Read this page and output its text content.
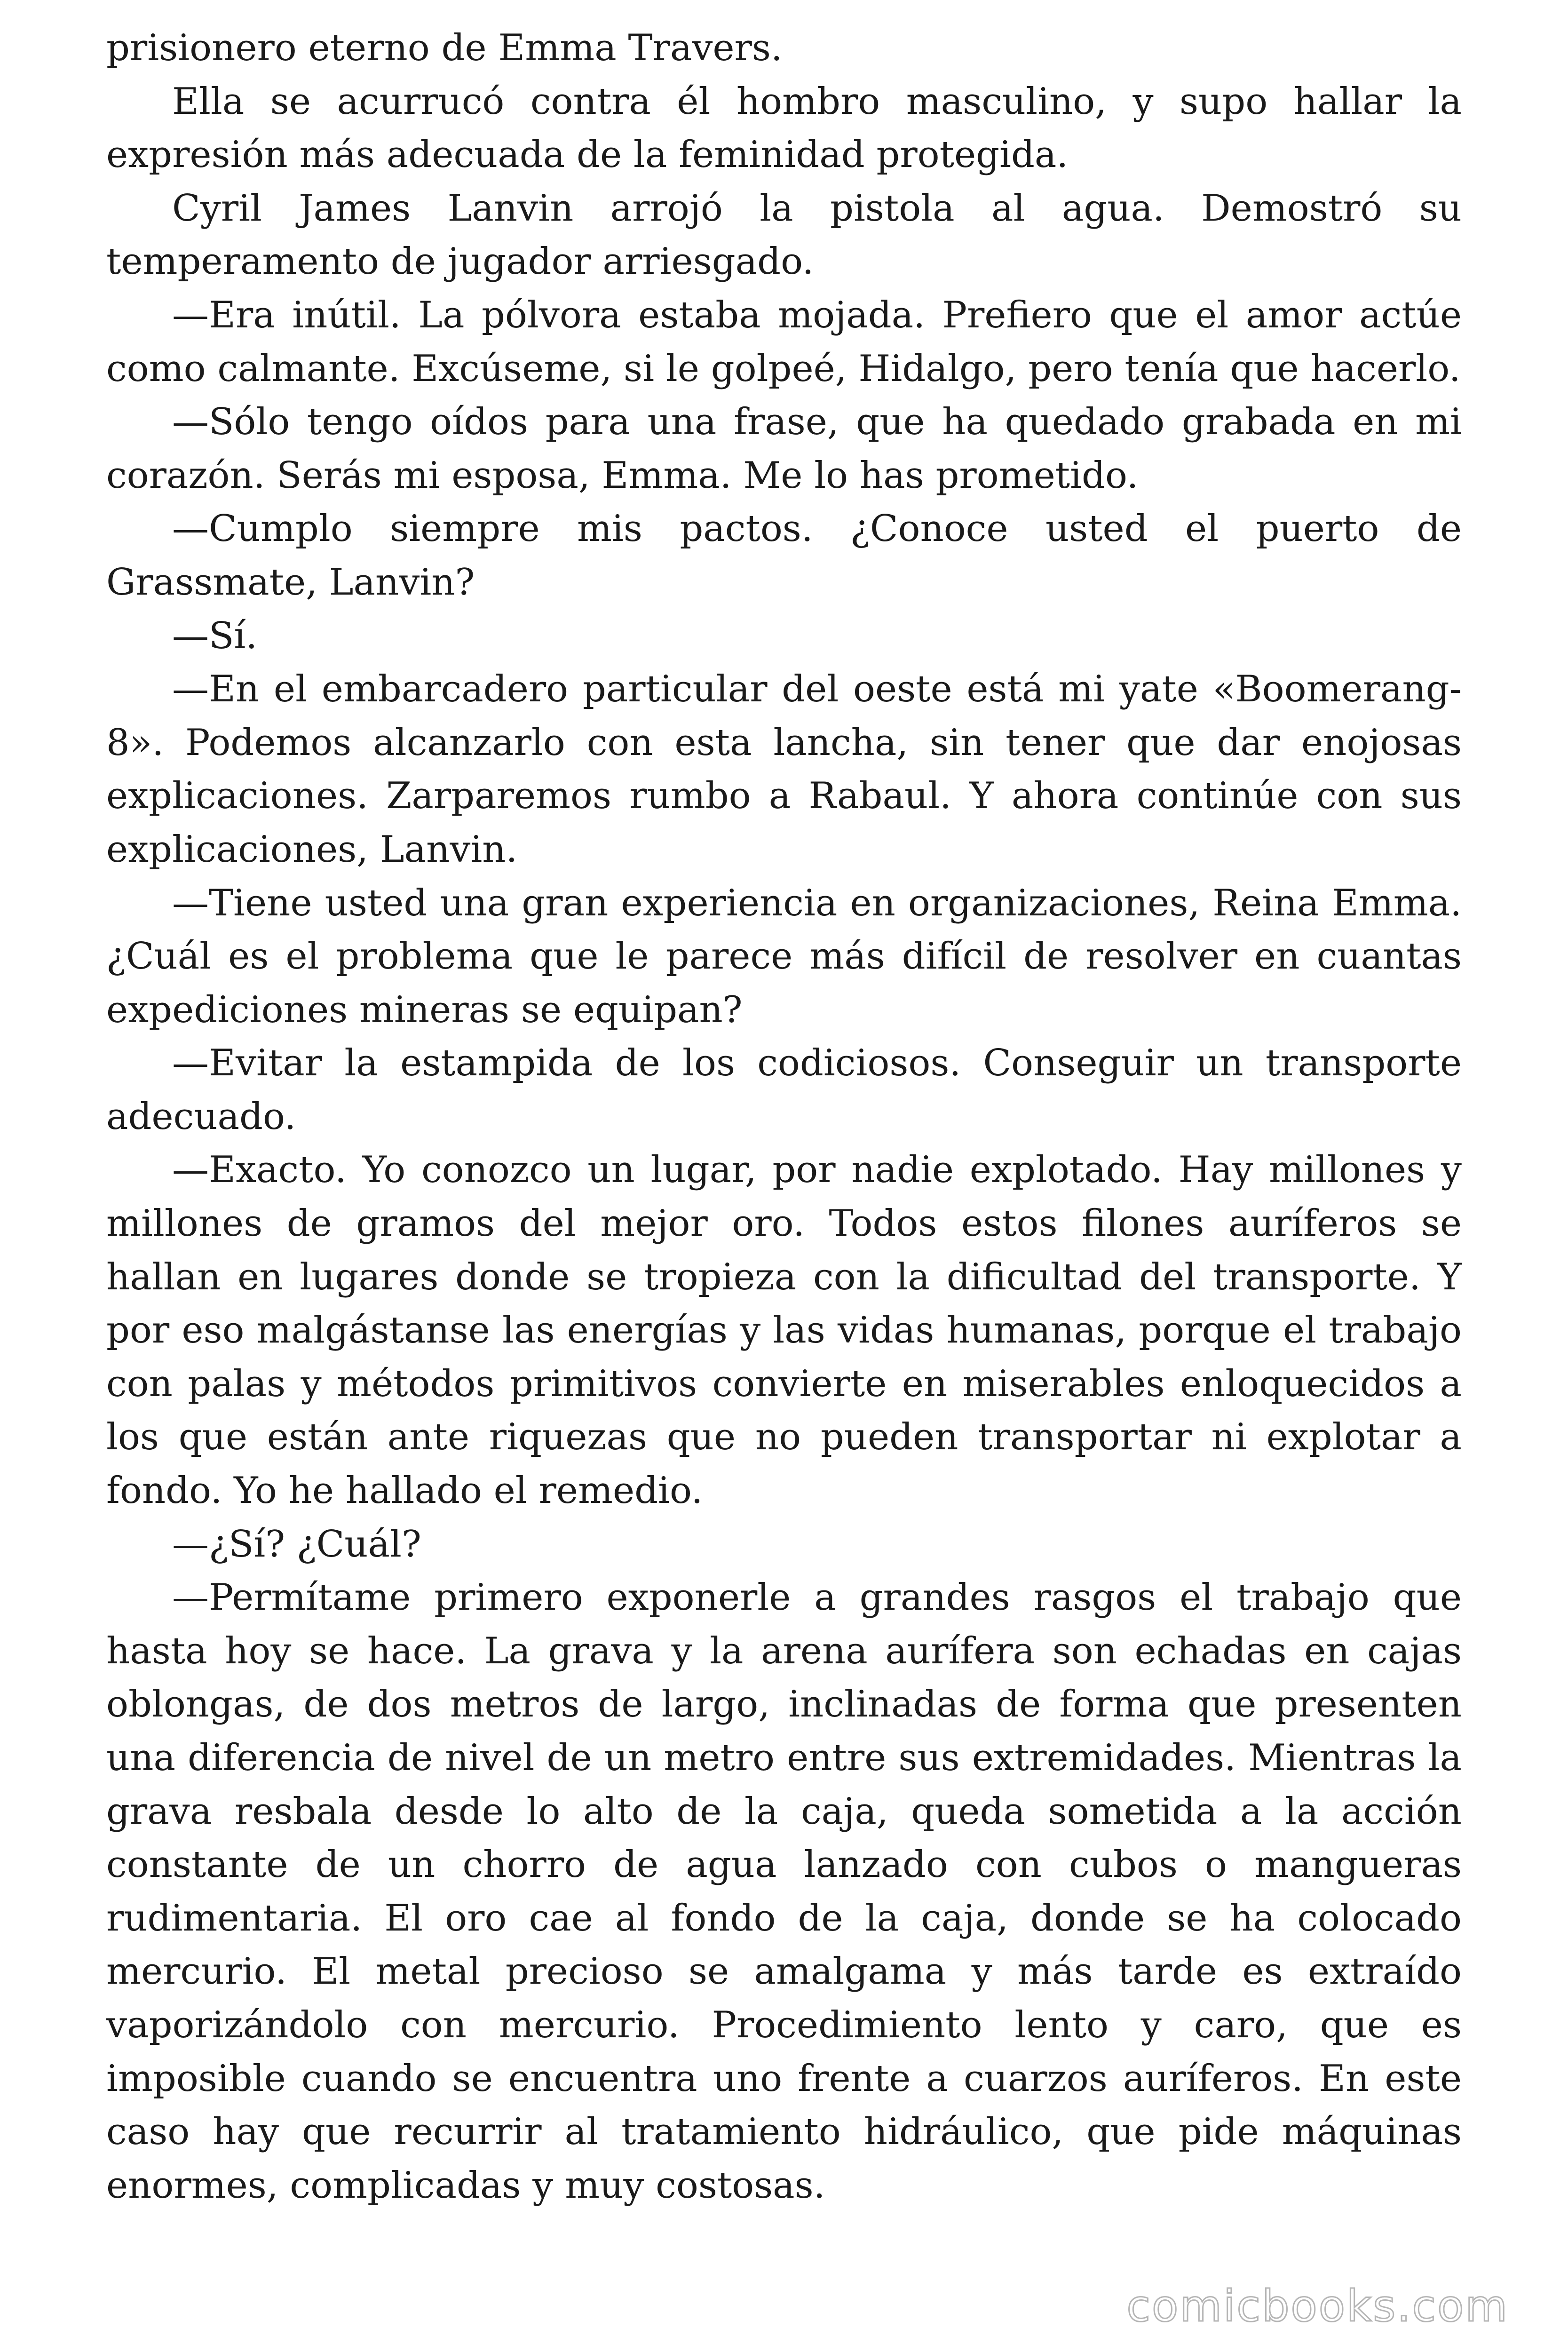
prisionero eterno de Emma Travers.

Ella se acurrucó contra él hombro masculino, y supo hallar la expresión más adecuada de la feminidad protegida.

Cyril James Lanvin arrojó la pistola al agua. Demostró su temperamento de jugador arriesgado.

—Era inútil. La pólvora estaba mojada. Prefiero que el amor actúe como calmante. Excúseme, si le golpeé, Hidalgo, pero tenía que hacerlo.

—Sólo tengo oídos para una frase, que ha quedado grabada en mi corazón. Serás mi esposa, Emma. Me lo has prometido.

—Cumplo siempre mis pactos. ¿Conoce usted el puerto de Grassmate, Lanvin?

—Sí.

—En el embarcadero particular del oeste está mi yate «Boomerang-8». Podemos alcanzarlo con esta lancha, sin tener que dar enojosas explicaciones. Zarparemos rumbo a Rabaul. Y ahora continúe con sus explicaciones, Lanvin.

—Tiene usted una gran experiencia en organizaciones, Reina Emma. ¿Cuál es el problema que le parece más difícil de resolver en cuantas expediciones mineras se equipan?

—Evitar la estampida de los codiciosos. Conseguir un transporte adecuado.

—Exacto. Yo conozco un lugar, por nadie explotado. Hay millones y millones de gramos del mejor oro. Todos estos filones auríferos se hallan en lugares donde se tropieza con la dificultad del transporte. Y por eso malgástanse las energías y las vidas humanas, porque el trabajo con palas y métodos primitivos convierte en miserables enloquecidos a los que están ante riquezas que no pueden transportar ni explotar a fondo. Yo he hallado el remedio.

—¿Sí? ¿Cuál?

—Permítame primero exponerle a grandes rasgos el trabajo que hasta hoy se hace. La grava y la arena aurífera son echadas en cajas oblongas, de dos metros de largo, inclinadas de forma que presenten una diferencia de nivel de un metro entre sus extremidades. Mientras la grava resbala desde lo alto de la caja, queda sometida a la acción constante de un chorro de agua lanzado con cubos o mangueras rudimentaria. El oro cae al fondo de la caja, donde se ha colocado mercurio. El metal precioso se amalgama y más tarde es extraído vaporizándolo con mercurio. Procedimiento lento y caro, que es imposible cuando se encuentra uno frente a cuarzos auríferos. En este caso hay que recurrir al tratamiento hidráulico, que pide máquinas enormes, complicadas y muy costosas.

comicbooks.com
